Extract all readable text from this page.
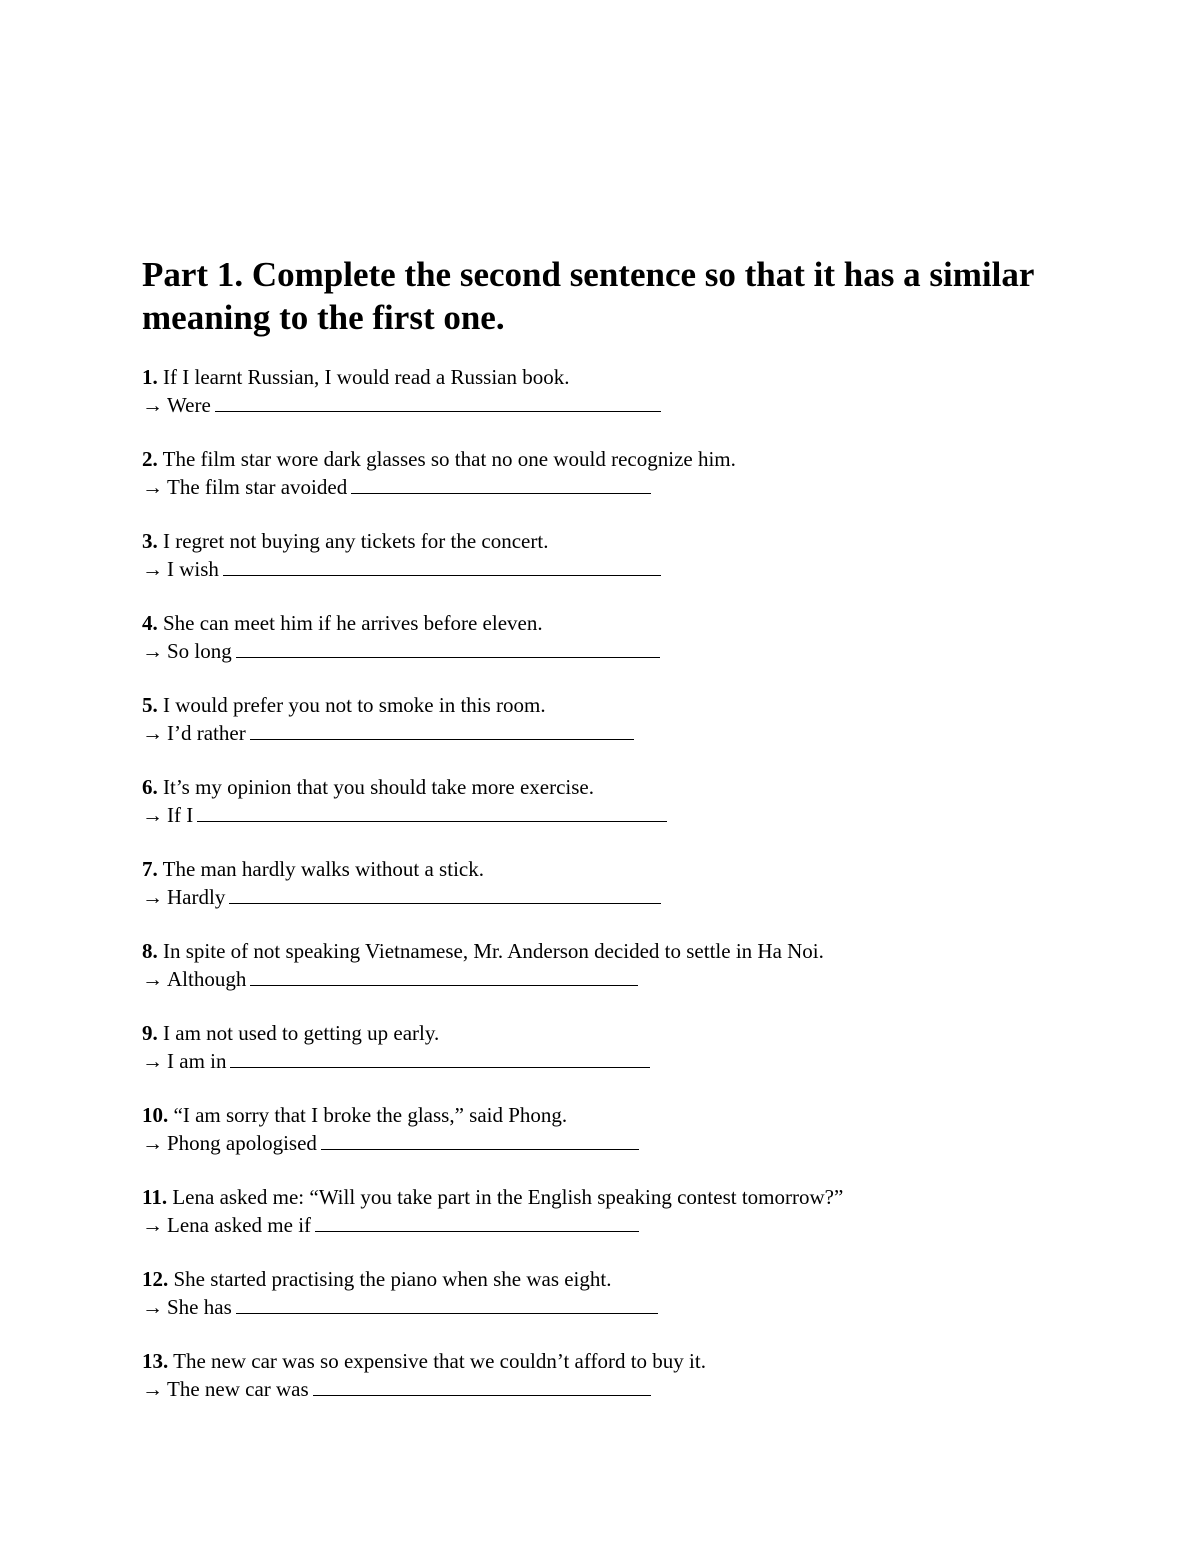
Part 1. Complete the second sentence so that it has a similar meaning to the first one.
1. If I learnt Russian, I would read a Russian book.
→ Were
2. The film star wore dark glasses so that no one would recognize him.
→ The film star avoided
3. I regret not buying any tickets for the concert.
→ I wish
4. She can meet him if he arrives before eleven.
→ So long
5. I would prefer you not to smoke in this room.
→ I’d rather
6. It’s my opinion that you should take more exercise.
→ If I
7. The man hardly walks without a stick.
→ Hardly
8. In spite of not speaking Vietnamese, Mr. Anderson decided to settle in Ha Noi.
→ Although
9. I am not used to getting up early.
→ I am in
10. “I am sorry that I broke the glass,” said Phong.
→ Phong apologised
11. Lena asked me: “Will you take part in the English speaking contest tomorrow?”
→ Lena asked me if
12. She started practising the piano when she was eight.
→ She has
13. The new car was so expensive that we couldn’t afford to buy it.
→ The new car was
